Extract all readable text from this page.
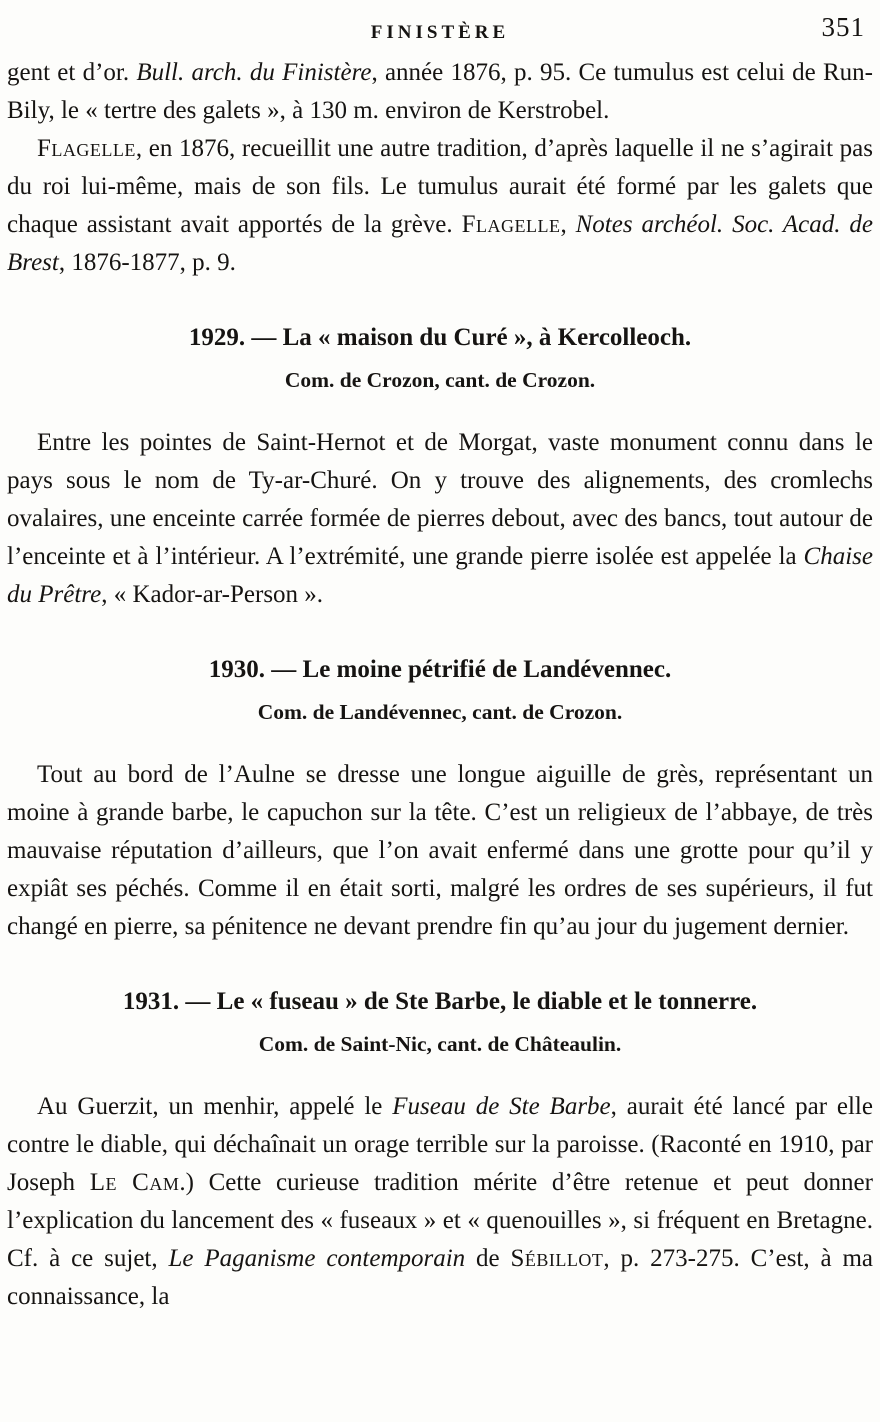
FINISTÈRE	351

gent et d’or. Bull. arch. du Finistère, année 1876, p. 95. Ce tumulus est celui de Run-Bily, le « tertre des galets », à 130 m. environ de Kerstrobel.

Flagelle, en 1876, recueillit une autre tradition, d’après laquelle il ne s’agirait pas du roi lui-même, mais de son fils. Le tumulus aurait été formé par les galets que chaque assistant avait apportés de la grève. Flagelle, Notes archéol. Soc. Acad. de Brest, 1876-1877, p. 9.

1929. — La « maison du Curé », à Kercolleoch.
Com. de Crozon, cant. de Crozon.

Entre les pointes de Saint-Hernot et de Morgat, vaste monument connu dans le pays sous le nom de Ty-ar-Churé. On y trouve des alignements, des cromlechs ovalaires, une enceinte carrée formée de pierres debout, avec des bancs, tout autour de l’enceinte et à l’intérieur. A l’extrémité, une grande pierre isolée est appelée la Chaise du Prêtre, « Kador-ar-Person ».

1930. — Le moine pétrifié de Landévennec.
Com. de Landévennec, cant. de Crozon.

Tout au bord de l’Aulne se dresse une longue aiguille de grès, représentant un moine à grande barbe, le capuchon sur la tête. C’est un religieux de l’abbaye, de très mauvaise réputation d’ailleurs, que l’on avait enfermé dans une grotte pour qu’il y expiât ses péchés. Comme il en était sorti, malgré les ordres de ses supérieurs, il fut changé en pierre, sa pénitence ne devant prendre fin qu’au jour du jugement dernier.

1931. — Le « fuseau » de Ste Barbe, le diable et le tonnerre.
Com. de Saint-Nic, cant. de Châteaulin.

Au Guerzit, un menhir, appelé le Fuseau de Ste Barbe, aurait été lancé par elle contre le diable, qui déchaînait un orage terrible sur la paroisse. (Raconté en 1910, par Joseph Le Cam.) Cette curieuse tradition mérite d’être retenue et peut donner l’explication du lancement des « fuseaux » et « quenouilles », si fréquent en Bretagne. Cf. à ce sujet, Le Paganisme contemporain de Sébillot, p. 273-275. C’est, à ma connaissance, la
